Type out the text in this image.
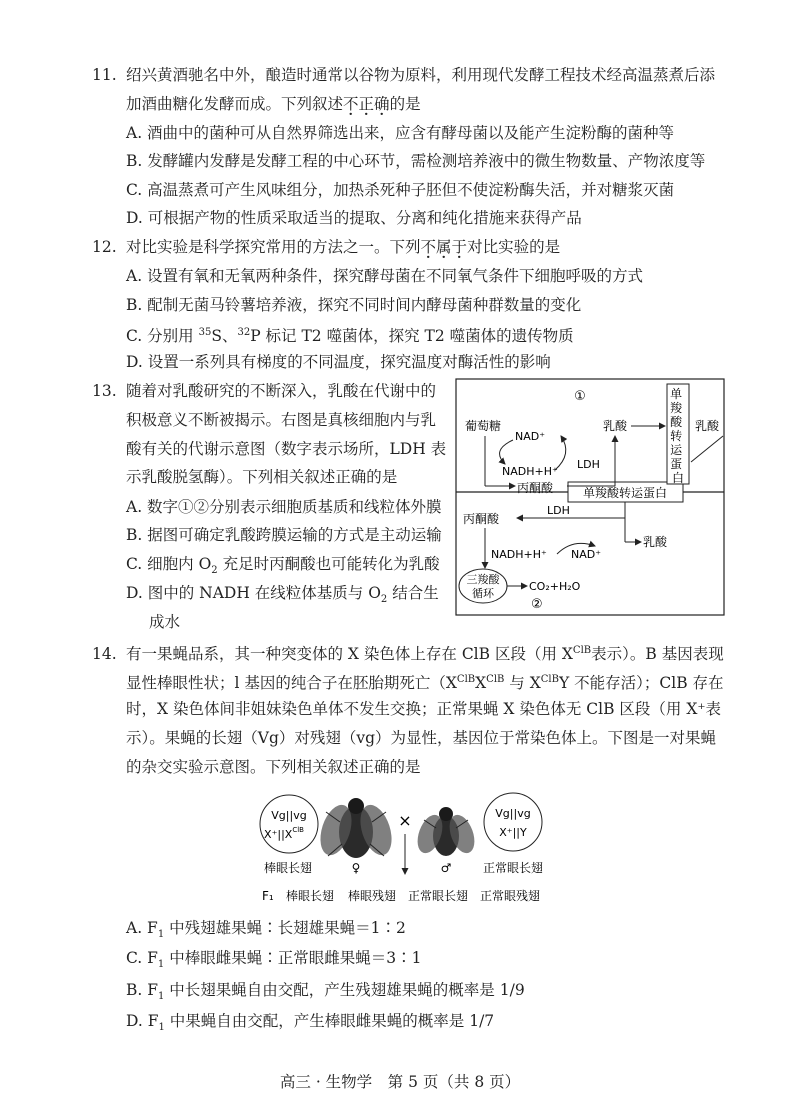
11. 绍兴黄酒驰名中外，酿造时通常以谷物为原料，利用现代发酵工程技术经高温蒸煮后添
加酒曲糖化发酵而成。下列叙述不正确的是
A. 酒曲中的菌种可从自然界筛选出来，应含有酵母菌以及能产生淀粉酶的菌种等
B. 发酵罐内发酵是发酵工程的中心环节，需检测培养液中的微生物数量、产物浓度等
C. 高温蒸煮可产生风味组分，加热杀死种子胚但不使淀粉酶失活，并对糖浆灭菌
D. 可根据产物的性质采取适当的提取、分离和纯化措施来获得产品
12. 对比实验是科学探究常用的方法之一。下列不属于对比实验的是
A. 设置有氧和无氧两种条件，探究酵母菌在不同氧气条件下细胞呼吸的方式
B. 配制无菌马铃薯培养液，探究不同时间内酵母菌种群数量的变化
C. 分别用 $^{35}$S、$^{32}$P 标记 T2 噬菌体，探究 T2 噬菌体的遗传物质
D. 设置一系列具有梯度的不同温度，探究温度对酶活性的影响
13. 随着对乳酸研究的不断深入，乳酸在代谢中的
积极意义不断被揭示。右图是真核细胞内与乳
酸有关的代谢示意图（数字表示场所，LDH 表
示乳酸脱氢酶）。下列相关叙述正确的是
A. 数字①②分别表示细胞质基质和线粒体外膜
B. 据图可确定乳酸跨膜运输的方式是主动运输
C. 细胞内 $O_2$ 充足时丙酮酸也可能转化为乳酸
D. 图中的 NADH 在线粒体基质与 $O_2$ 结合生
成水
单羧酸转运蛋白
单 羧 酸 转 运 蛋 白
①
葡萄糖
NAD⁺
NADH+H⁺
LDH
乳酸
丙酮酸
乳酸
乳酸
丙酮酸
LDH
NADH+H⁺ NAD⁺
三羧酸
循环
CO₂+H₂O
②
14. 有一果蝇品系，其一种突变体的 X 染色体上存在 ClB 区段（用 $X^{ClB}$表示）。B 基因表现
显性棒眼性状；l 基因的纯合子在胚胎期死亡（$X^{ClB}X^{ClB}$ 与 $X^{ClB}Y$ 不能存活）；ClB 存在
时，X 染色体间非姐妹染色单体不发生交换；正常果蝇 X 染色体无 ClB 区段（用 X⁺表
示）。果蝇的长翅（Vg）对残翅（vg）为显性，基因位于常染色体上。下图是一对果蝇
的杂交实验示意图。下列相关叙述正确的是
Vg||vg
$X^+||X^{ClB}$	×	Vg||vg
X⁺||Y
棒眼长翅	♀	♂	正常眼长翅
F₁ 棒眼长翅 棒眼残翅 正常眼长翅 正常眼残翅
A. $F_1$ 中残翅雄果蝇∶长翅雄果蝇＝1∶2
C. $F_1$ 中棒眼雌果蝇∶正常眼雌果蝇＝3∶1
B. $F_1$ 中长翅果蝇自由交配，产生残翅雄果蝇的概率是 1/9
D. $F_1$ 中果蝇自由交配，产生棒眼雌果蝇的概率是 1/7
高三 · 生物学　第 5 页（共 8 页）
